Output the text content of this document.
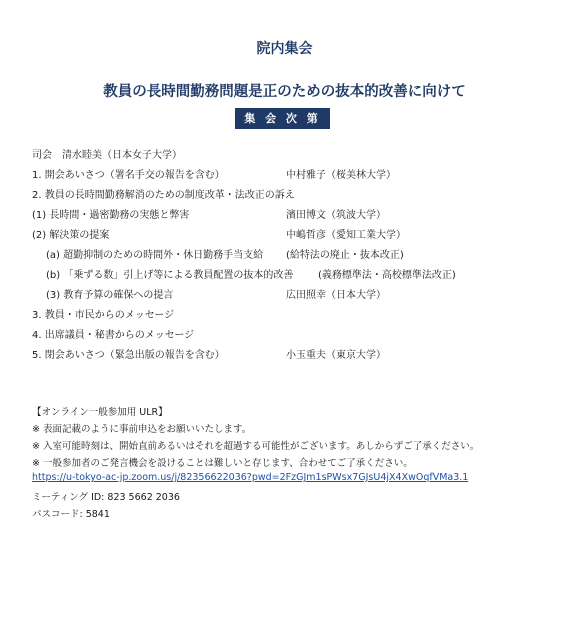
院内集会
教員の長時間勤務問題是正のための抜本的改善に向けて
集 会 次 第
司会　清水睦美（日本女子大学）
1. 開会あいさつ（署名手交の報告を含む）	中村雅子（桜美林大学）
2. 教員の長時間勤務解消のための制度改革・法改正の訴え
(1) 長時間・過密勤務の実態と弊害	濱田博文（筑波大学）
(2) 解決策の提案	中嶋哲彦（愛知工業大学）
(a) 超勤抑制のための時間外・休日勤務手当支給 (給特法の廃止・抜本改正)
(b) 「乗ずる数」引上げ等による教員配置の抜本的改善 (義務標準法・高校標準法改正)
(3) 教育予算の確保への提言	広田照幸（日本大学）
3. 教員・市民からのメッセージ
4. 出席議員・秘書からのメッセージ
5. 閉会あいさつ（緊急出版の報告を含む）	小玉重夫（東京大学）
【オンライン一般参加用 ULR】
※ 表面記載のように事前申込をお願いいたします。
※ 入室可能時刻は、開始直前あるいはそれを超過する可能性がございます。あしからずご了承ください。
※ 一般参加者のご発言機会を設けることは難しいと存じます、合わせてご了承ください。
https://u-tokyo-ac-jp.zoom.us/j/82356622036?pwd=2FzGJm1sPWsx7GJsU4jX4XwOqfVMa3.1
ミーティング ID: 823 5662 2036
パスコード: 5841
